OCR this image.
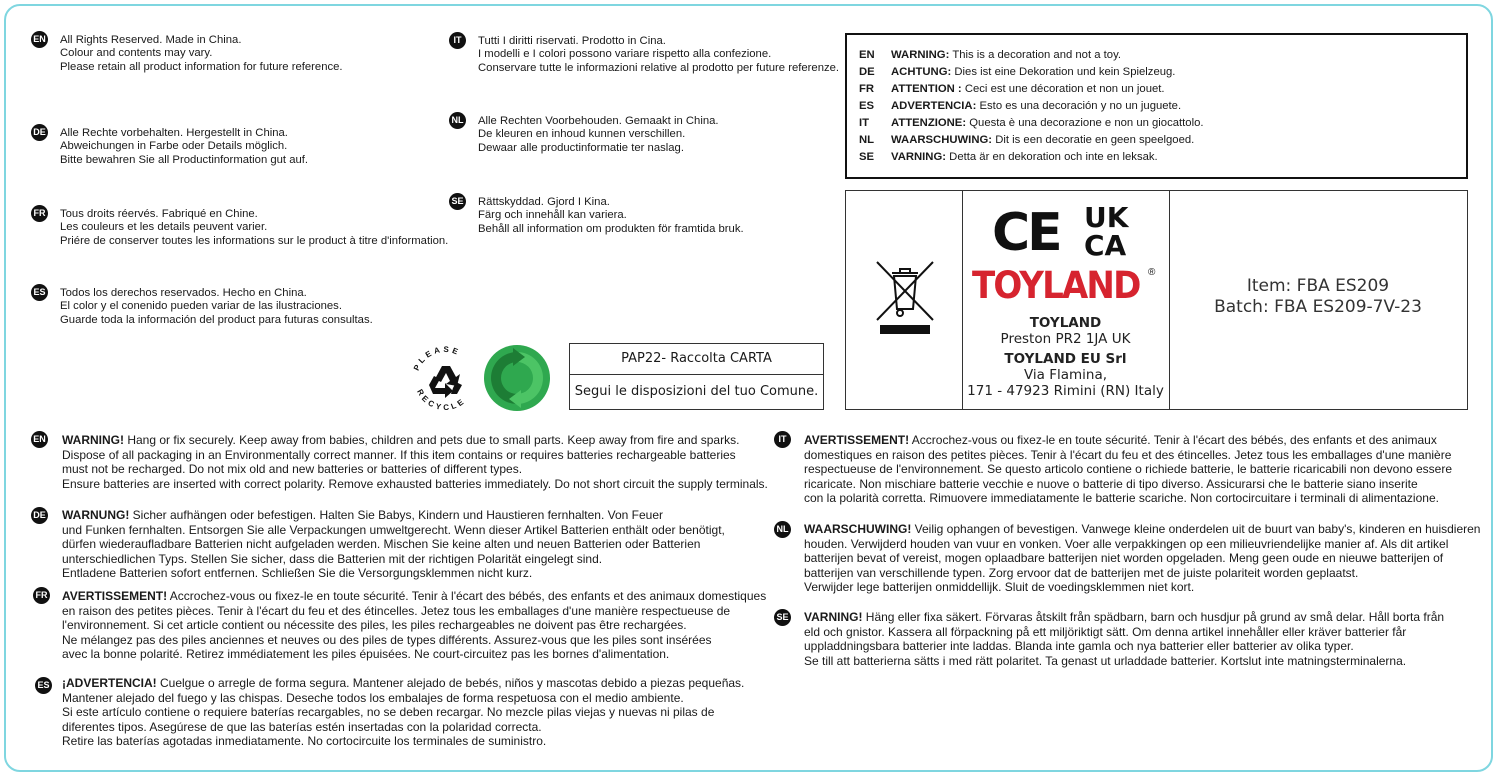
EN All Rights Reserved. Made in China.
Colour and contents may vary.
Please retain all product information for future reference.
DE Alle Rechte vorbehalten. Hergestellt in China.
Abweichungen in Farbe oder Details möglich.
Bitte bewahren Sie all Productinformation gut auf.
FR Tous droits réervés. Fabriqué en Chine.
Les couleurs et les details peuvent varier.
Priére de conserver toutes les informations sur le product à titre d'information.
ES Todos los derechos reservados. Hecho en China.
El color y el conenido pueden variar de las ilustraciones.
Guarde toda la información del product para futuras consultas.
IT	Tutti I diritti riservati. Prodotto in Cina.
I modelli e I colori possono variare rispetto alla confezione.
Conservare tutte le informazioni relative al prodotto per future referenze.
NL Alle Rechten Voorbehouden. Gemaakt in China.
De kleuren en inhoud kunnen verschillen.
Dewaar alle productinformatie ter naslag.
SE Rättskyddad. Gjord I Kina.
Färg och innehåll kan variera.
Behåll all information om produkten för framtida bruk.
PLEASE
RECYCLE
PAP22- Raccolta CARTA
Segui le disposizioni del tuo Comune.
EN WARNING: This is a decoration and not a toy.
DE ACHTUNG: Dies ist eine Dekoration und kein Spielzeug.
FR ATTENTION : Ceci est une décoration et non un jouet.
ES ADVERTENCIA: Esto es una decoración y no un juguete.
IT ATTENZIONE: Questa è una decorazione e non un giocattolo.
NL WAARSCHUWING: Dit is een decoratie en geen speelgoed.
SE VARNING: Detta är en dekoration och inte en leksak.
CE UK
CA
TOYLAND ®
TOYLAND
Preston PR2 1JA UK
TOYLAND EU Srl
Via Flamina,
171 - 47923 Rimini (RN) Italy
Item: FBA ES209
Batch: FBA ES209-7V-23
EN WARNING! Hang or fix securely. Keep away from babies, children and pets due to small parts. Keep away from fire and sparks.
Dispose of all packaging in an Environmentally correct manner. If this item contains or requires batteries rechargeable batteries
must not be recharged. Do not mix old and new batteries or batteries of different types.
Ensure batteries are inserted with correct polarity. Remove exhausted batteries immediately. Do not short circuit the supply terminals.
DE WARNUNG! Sicher aufhängen oder befestigen. Halten Sie Babys, Kindern und Haustieren fernhalten. Von Feuer
und Funken fernhalten. Entsorgen Sie alle Verpackungen umweltgerecht. Wenn dieser Artikel Batterien enthält oder benötigt,
dürfen wiederaufladbare Batterien nicht aufgeladen werden. Mischen Sie keine alten und neuen Batterien oder Batterien
unterschiedlichen Typs. Stellen Sie sicher, dass die Batterien mit der richtigen Polarität eingelegt sind.
Entladene Batterien sofort entfernen. Schließen Sie die Versorgungsklemmen nicht kurz.
FR AVERTISSEMENT! Accrochez-vous ou fixez-le en toute sécurité. Tenir à l'écart des bébés, des enfants et des animaux domestiques
en raison des petites pièces. Tenir à l'écart du feu et des étincelles. Jetez tous les emballages d'une manière respectueuse de
l'environnement. Si cet article contient ou nécessite des piles, les piles rechargeables ne doivent pas être rechargées.
Ne mélangez pas des piles anciennes et neuves ou des piles de types différents. Assurez-vous que les piles sont insérées
avec la bonne polarité. Retirez immédiatement les piles épuisées. Ne court-circuitez pas les bornes d'alimentation.
ES ¡ADVERTENCIA! Cuelgue o arregle de forma segura. Mantener alejado de bebés, niños y mascotas debido a piezas pequeñas.
Mantener alejado del fuego y las chispas. Deseche todos los embalajes de forma respetuosa con el medio ambiente.
Si este artículo contiene o requiere baterías recargables, no se deben recargar. No mezcle pilas viejas y nuevas ni pilas de
diferentes tipos. Asegúrese de que las baterías estén insertadas con la polaridad correcta.
Retire las baterías agotadas inmediatamente. No cortocircuite los terminales de suministro.
IT	AVERTISSEMENT! Accrochez-vous ou fixez-le en toute sécurité. Tenir à l'écart des bébés, des enfants et des animaux
domestiques en raison des petites pièces. Tenir à l'écart du feu et des étincelles. Jetez tous les emballages d'une manière
respectueuse de l'environnement. Se questo articolo contiene o richiede batterie, le batterie ricaricabili non devono essere
ricaricate. Non mischiare batterie vecchie e nuove o batterie di tipo diverso. Assicurarsi che le batterie siano inserite
con la polarità corretta. Rimuovere immediatamente le batterie scariche. Non cortocircuitare i terminali di alimentazione.
NL WAARSCHUWING! Veilig ophangen of bevestigen. Vanwege kleine onderdelen uit de buurt van baby's, kinderen en huisdieren
houden. Verwijderd houden van vuur en vonken. Voer alle verpakkingen op een milieuvriendelijke manier af. Als dit artikel
batterijen bevat of vereist, mogen oplaadbare batterijen niet worden opgeladen. Meng geen oude en nieuwe batterijen of
batterijen van verschillende typen. Zorg ervoor dat de batterijen met de juiste polariteit worden geplaatst.
Verwijder lege batterijen onmiddellijk. Sluit de voedingsklemmen niet kort.
SE VARNING! Häng eller fixa säkert. Förvaras åtskilt från spädbarn, barn och husdjur på grund av små delar. Håll borta från
eld och gnistor. Kassera all förpackning på ett miljöriktigt sätt. Om denna artikel innehåller eller kräver batterier får
uppladdningsbara batterier inte laddas. Blanda inte gamla och nya batterier eller batterier av olika typer.
Se till att batterierna sätts i med rätt polaritet. Ta genast ut urladdade batterier. Kortslut inte matningsterminalerna.
